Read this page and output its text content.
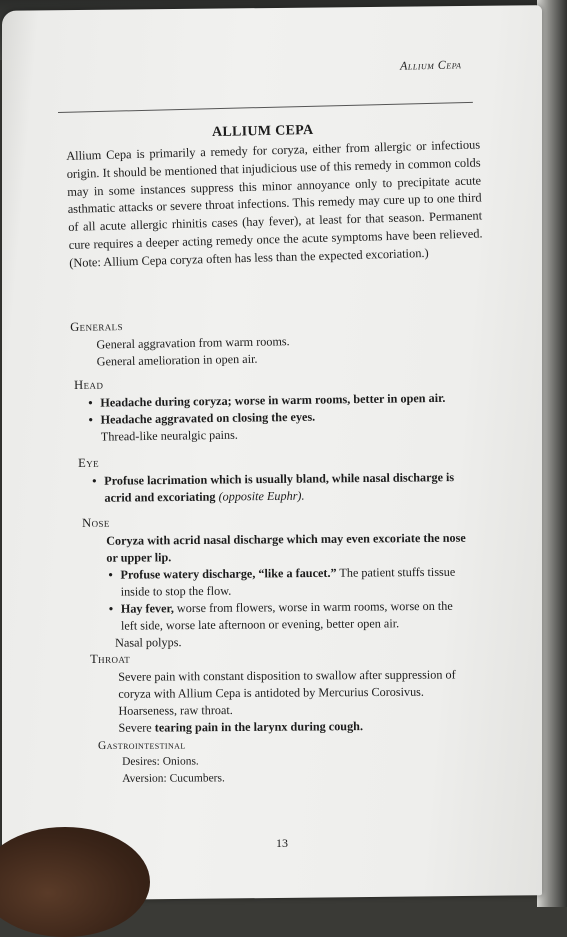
Allium Cepa
ALLIUM CEPA
Allium Cepa is primarily a remedy for coryza, either from allergic or infectious origin. It should be mentioned that injudicious use of this remedy in common colds may in some instances suppress this minor annoyance only to precipitate acute asthmatic attacks or severe throat infections. This remedy may cure up to one third of all acute allergic rhinitis cases (hay fever), at least for that season. Permanent cure requires a deeper acting remedy once the acute symptoms have been relieved. (Note: Allium Cepa coryza often has less than the expected excoriation.)
Generals
General aggravation from warm rooms.
General amelioration in open air.
Head
• Headache during coryza; worse in warm rooms, better in open air.
• Headache aggravated on closing the eyes.
Thread-like neuralgic pains.
Eye
• Profuse lacrimation which is usually bland, while nasal discharge is acrid and excoriating (opposite Euphr).
Nose
Coryza with acrid nasal discharge which may even excoriate the nose or upper lip.
• Profuse watery discharge, “like a faucet.” The patient stuffs tissue inside to stop the flow.
• Hay fever, worse from flowers, worse in warm rooms, worse on the left side, worse late afternoon or evening, better open air.
Nasal polyps.
Throat
Severe pain with constant disposition to swallow after suppression of coryza with Allium Cepa is antidoted by Mercurius Corosivus.
Hoarseness, raw throat.
Severe tearing pain in the larynx during cough.
Gastrointestinal
Desires: Onions.
Aversion: Cucumbers.
13
